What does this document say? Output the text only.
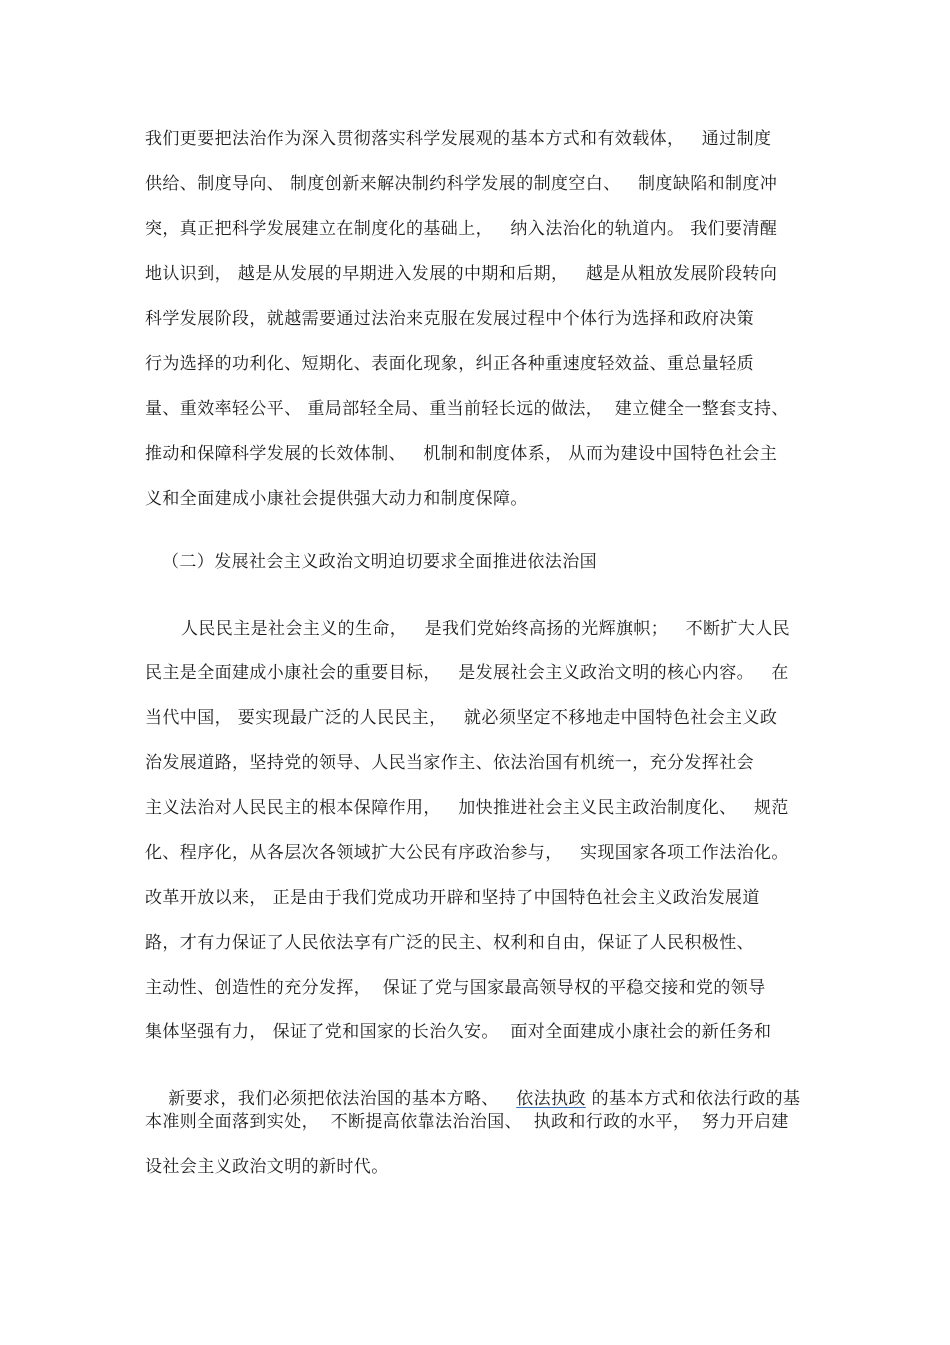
我们更要把法治作为深入贯彻落实科学发展观的基本方式和有效载体，   通过制度
供给、制度导向、 制度创新来解决制约科学发展的制度空白、   制度缺陷和制度冲
突，真正把科学发展建立在制度化的基础上，   纳入法治化的轨道内。 我们要清醒
地认识到， 越是从发展的早期进入发展的中期和后期，   越是从粗放发展阶段转向
科学发展阶段，就越需要通过法治来克服在发展过程中个体行为选择和政府决策
行为选择的功利化、短期化、表面化现象，纠正各种重速度轻效益、重总量轻质
量、重效率轻公平、 重局部轻全局、重当前轻长远的做法，  建立健全一整套支持、
推动和保障科学发展的长效体制、   机制和制度体系， 从而为建设中国特色社会主
义和全面建成小康社会提供强大动力和制度保障。
（二）发展社会主义政治文明迫切要求全面推进依法治国
人民民主是社会主义的生命，   是我们党始终高扬的光辉旗帜；   不断扩大人民
民主是全面建成小康社会的重要目标，   是发展社会主义政治文明的核心内容。   在
当代中国， 要实现最广泛的人民民主，   就必须坚定不移地走中国特色社会主义政
治发展道路，坚持党的领导、人民当家作主、依法治国有机统一，充分发挥社会
主义法治对人民民主的根本保障作用，   加快推进社会主义民主政治制度化、   规范
化、程序化，从各层次各领域扩大公民有序政治参与，   实现国家各项工作法治化。
改革开放以来， 正是由于我们党成功开辟和坚持了中国特色社会主义政治发展道
路，才有力保证了人民依法享有广泛的民主、权利和自由，保证了人民积极性、
主动性、创造性的充分发挥，  保证了党与国家最高领导权的平稳交接和党的领导
集体坚强有力， 保证了党和国家的长治久安。  面对全面建成小康社会的新任务和

新要求，我们必须把依法治国的基本方略、   依法执政 的基本方式和依法行政的基

本准则全面落到实处，  不断提高依靠法治治国、  执政和行政的水平，  努力开启建
设社会主义政治文明的新时代。
